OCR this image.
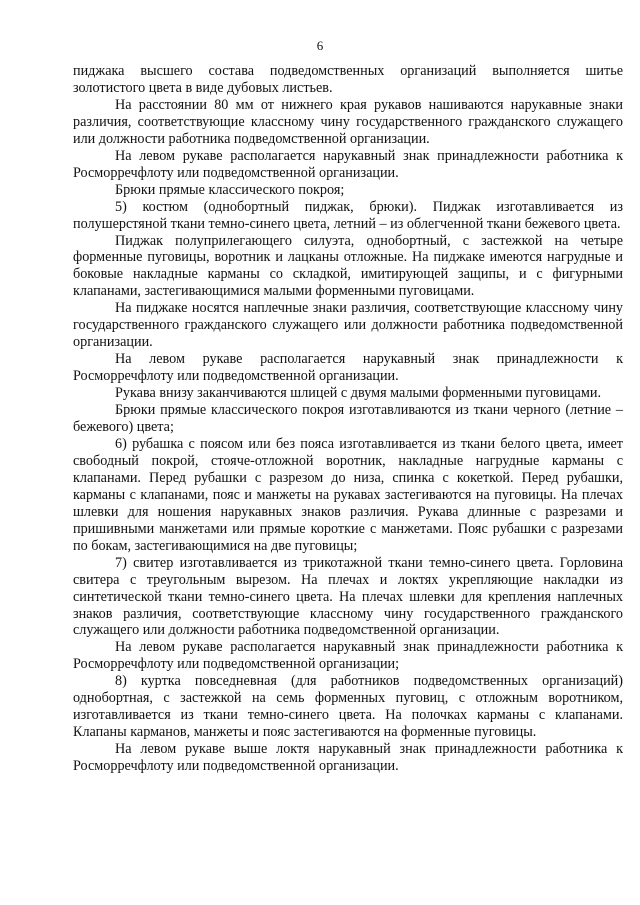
6

пиджака высшего состава подведомственных организаций выполняется шитье золотистого цвета в виде дубовых листьев.

На расстоянии 80 мм от нижнего края рукавов нашиваются нарукавные знаки различия, соответствующие классному чину государственного гражданского служащего или должности работника подведомственной организации.

На левом рукаве располагается нарукавный знак принадлежности работника к Росморречфлоту или подведомственной организации.

Брюки прямые классического покроя;

5) костюм (однобортный пиджак, брюки). Пиджак изготавливается из полушерстяной ткани темно-синего цвета, летний – из облегченной ткани бежевого цвета.

Пиджак полуприлегающего силуэта, однобортный, с застежкой на четыре форменные пуговицы, воротник и лацканы отложные. На пиджаке имеются нагрудные и боковые накладные карманы со складкой, имитирующей защипы, и с фигурными клапанами, застегивающимися малыми форменными пуговицами.

На пиджаке носятся наплечные знаки различия, соответствующие классному чину государственного гражданского служащего или должности работника подведомственной организации.

На левом рукаве располагается нарукавный знак принадлежности к Росморречфлоту или подведомственной организации.

Рукава внизу заканчиваются шлицей с двумя малыми форменными пуговицами.

Брюки прямые классического покроя изготавливаются из ткани черного (летние – бежевого) цвета;

6) рубашка с поясом или без пояса изготавливается из ткани белого цвета, имеет свободный покрой, стояче-отложной воротник, накладные нагрудные карманы с клапанами. Перед рубашки с разрезом до низа, спинка с кокеткой. Перед рубашки, карманы с клапанами, пояс и манжеты на рукавах застегиваются на пуговицы. На плечах шлевки для ношения нарукавных знаков различия. Рукава длинные с разрезами и пришивными манжетами или прямые короткие с манжетами. Пояс рубашки с разрезами по бокам, застегивающимися на две пуговицы;

7) свитер изготавливается из трикотажной ткани темно-синего цвета. Горловина свитера с треугольным вырезом. На плечах и локтях укрепляющие накладки из синтетической ткани темно-синего цвета. На плечах шлевки для крепления наплечных знаков различия, соответствующие классному чину государственного гражданского служащего или должности работника подведомственной организации.

На левом рукаве располагается нарукавный знак принадлежности работника к Росморречфлоту или подведомственной организации;

8) куртка повседневная (для работников подведомственных организаций) однобортная, с застежкой на семь форменных пуговиц, с отложным воротником, изготавливается из ткани темно-синего цвета. На полочках карманы с клапанами. Клапаны карманов, манжеты и пояс застегиваются на форменные пуговицы.

На левом рукаве выше локтя нарукавный знак принадлежности работника к Росморречфлоту или подведомственной организации.
